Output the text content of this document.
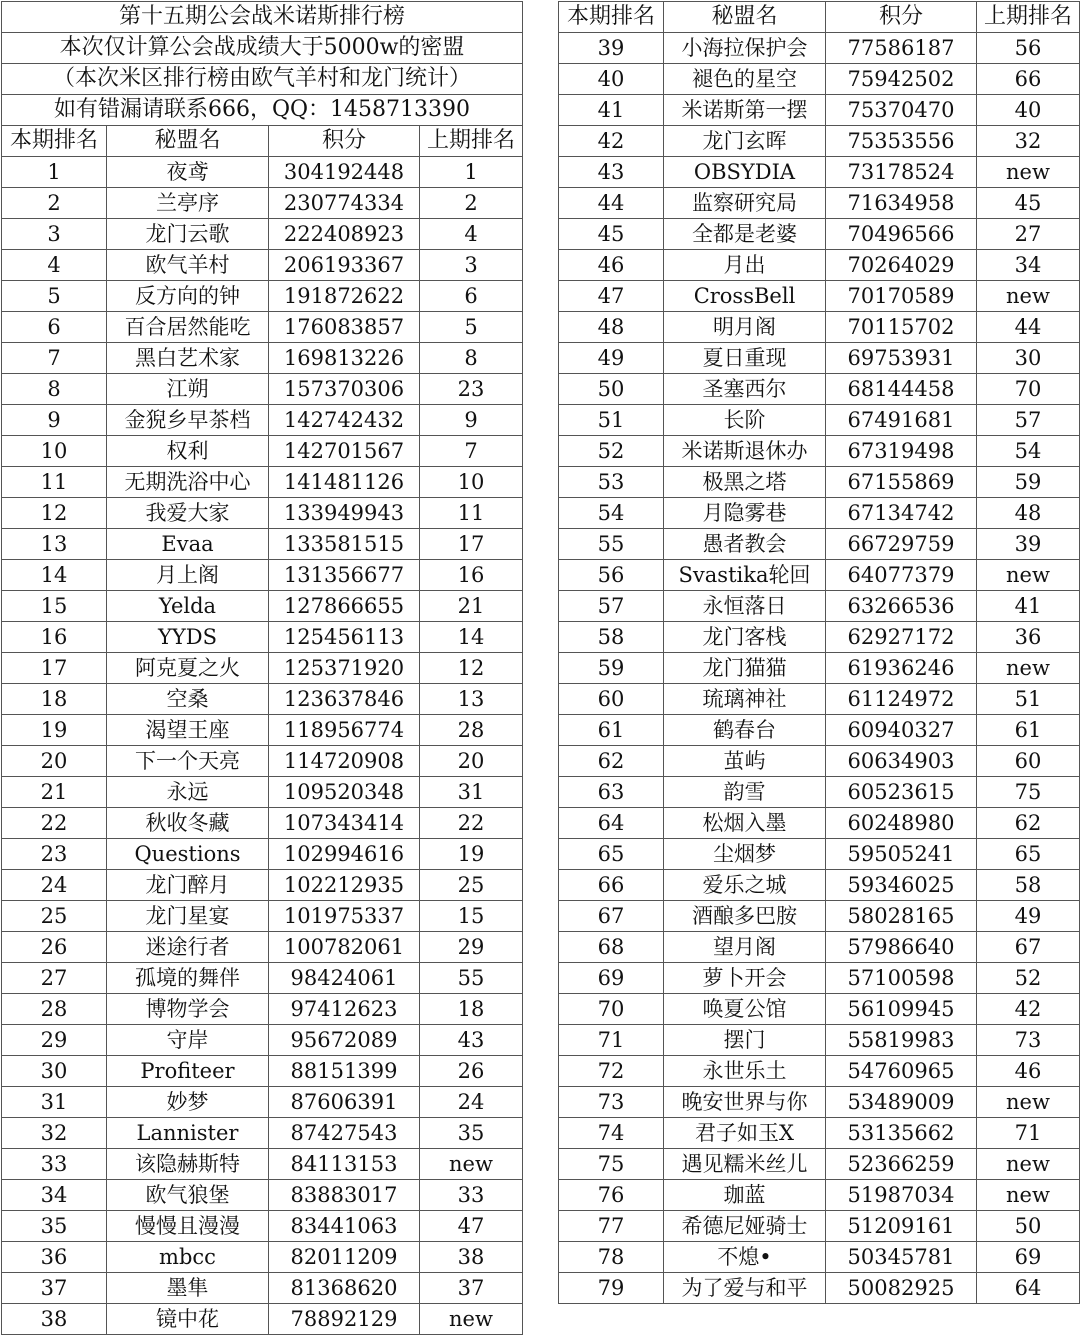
第十五期公会战米诺斯排行榜			
本次仅计算公会战成绩大于5000w的密盟			
（本次米区排行榜由欧气羊村和龙门统计）			
如有错漏请联系666，QQ：1458713390			
本期排名	秘盟名	积分	上期排名
1	夜鸢	304192448	1
2	兰亭序	230774334	2
3	龙门云歌	222408923	4
4	欧气羊村	206193367	3
5	反方向的钟	191872622	6
6	百合居然能吃	176083857	5
7	黑白艺术家	169813226	8
8	江朔	157370306	23
9	金猊乡早茶档	142742432	9
10	权利	142701567	7
11	无期洗浴中心	141481126	10
12	我爱大家	133949943	11
13	Evaa	133581515	17
14	月上阁	131356677	16
15	Yelda	127866655	21
16	YYDS	125456113	14
17	阿克夏之火	125371920	12
18	空桑	123637846	13
19	渴望王座	118956774	28
20	下一个天亮	114720908	20
21	永远	109520348	31
22	秋收冬藏	107343414	22
23	Questions	102994616	19
24	龙门醉月	102212935	25
25	龙门星宴	101975337	15
26	迷途行者	100782061	29
27	孤境的舞伴	98424061	55
28	博物学会	97412623	18
29	守岸	95672089	43
30	Profiteer	88151399	26
31	妙梦	87606391	24
32	Lannister	87427543	35
33	该隐赫斯特	84113153	new
34	欧气狼堡	83883017	33
35	慢慢且漫漫	83441063	47
36	mbcc	82011209	38
37	墨隼	81368620	37
38	镜中花	78892129	new
本期排名	秘盟名	积分	上期排名
39	小海拉保护会	77586187	56
40	褪色的星空	75942502	66
41	米诺斯第一摆	75370470	40
42	龙门玄晖	75353556	32
43	OBSYDIA	73178524	new
44	监察研究局	71634958	45
45	全都是老婆	70496566	27
46	月出	70264029	34
47	CrossBell	70170589	new
48	明月阁	70115702	44
49	夏日重现	69753931	30
50	圣塞西尔	68144458	70
51	长阶	67491681	57
52	米诺斯退休办	67319498	54
53	极黑之塔	67155869	59
54	月隐雾巷	67134742	48
55	愚者教会	66729759	39
56	Svastika轮回	64077379	new
57	永恒落日	63266536	41
58	龙门客栈	62927172	36
59	龙门猫猫	61936246	new
60	琉璃神社	61124972	51
61	鹤春台	60940327	61
62	茧屿	60634903	60
63	韵雪	60523615	75
64	松烟入墨	60248980	62
65	尘烟梦	59505241	65
66	爱乐之城	59346025	58
67	酒酿多巴胺	58028165	49
68	望月阁	57986640	67
69	萝卜开会	57100598	52
70	唤夏公馆	56109945	42
71	摆门	55819983	73
72	永世乐土	54760965	46
73	晚安世界与你	53489009	new
74	君子如玉X	53135662	71
75	遇见糯米丝儿	52366259	new
76	珈蓝	51987034	new
77	希德尼娅骑士	51209161	50
78	不熄•	50345781	69
79	为了爱与和平	50082925	64
